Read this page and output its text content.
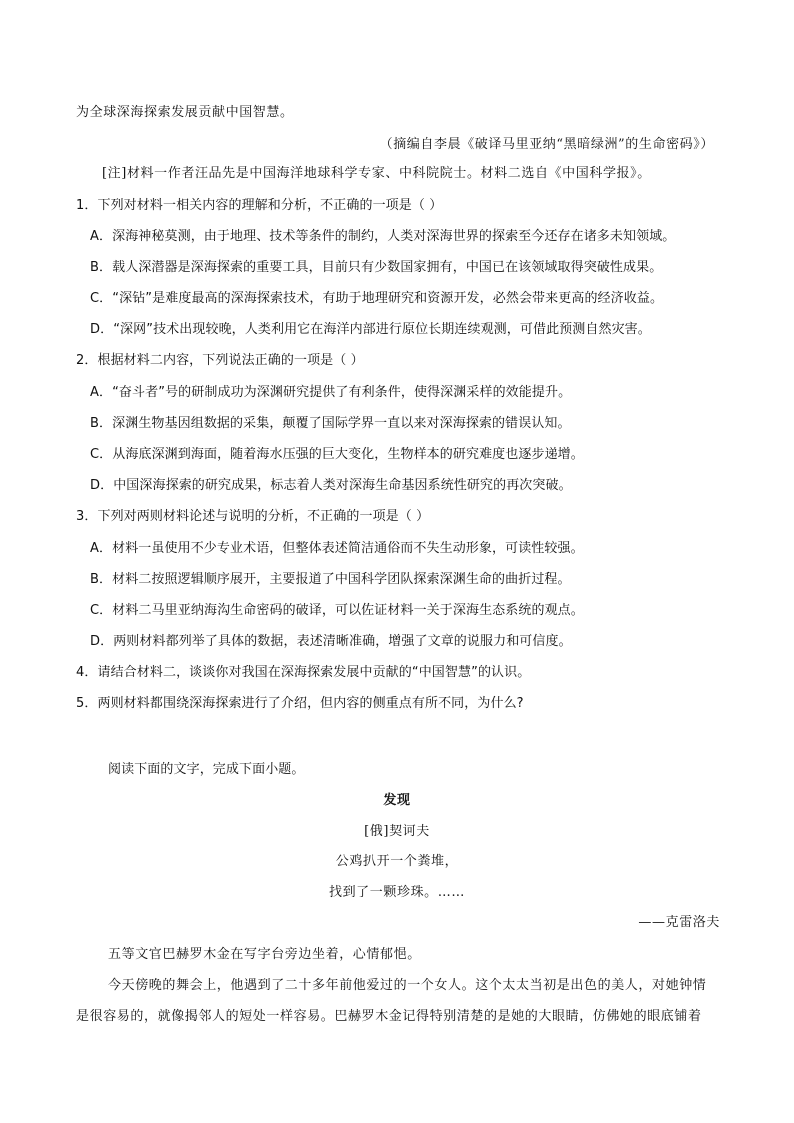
为全球深海探索发展贡献中国智慧。
（摘编自李晨《破译马里亚纳“黑暗绿洲”的生命密码》）
[注]材料一作者汪品先是中国海洋地球科学专家、中科院院士。材料二选自《中国科学报》。
1．下列对材料一相关内容的理解和分析，不正确的一项是（ ）
A．深海神秘莫测，由于地理、技术等条件的制约，人类对深海世界的探索至今还存在诸多未知领域。
B．载人深潜器是深海探索的重要工具，目前只有少数国家拥有，中国已在该领域取得突破性成果。
C．“深钻”是难度最高的深海探索技术，有助于地理研究和资源开发，必然会带来更高的经济收益。
D．“深网”技术出现较晚，人类利用它在海洋内部进行原位长期连续观测，可借此预测自然灾害。
2．根据材料二内容，下列说法正确的一项是（ ）
A．“奋斗者”号的研制成功为深渊研究提供了有利条件，使得深渊采样的效能提升。
B．深渊生物基因组数据的采集，颠覆了国际学界一直以来对深海探索的错误认知。
C．从海底深渊到海面，随着海水压强的巨大变化，生物样本的研究难度也逐步递增。
D．中国深海探索的研究成果，标志着人类对深海生命基因系统性研究的再次突破。
3．下列对两则材料论述与说明的分析，不正确的一项是（ ）
A．材料一虽使用不少专业术语，但整体表述简洁通俗而不失生动形象，可读性较强。
B．材料二按照逻辑顺序展开，主要报道了中国科学团队探索深渊生命的曲折过程。
C．材料二马里亚纳海沟生命密码的破译，可以佐证材料一关于深海生态系统的观点。
D．两则材料都列举了具体的数据，表述清晰准确，增强了文章的说服力和可信度。
4．请结合材料二，谈谈你对我国在深海探索发展中贡献的“中国智慧”的认识。
5．两则材料都围绕深海探索进行了介绍，但内容的侧重点有所不同，为什么?
阅读下面的文字，完成下面小题。
发现
[俄]契诃夫
公鸡扒开一个粪堆，
找到了一颗珍珠。……
——克雷洛夫
五等文官巴赫罗木金在写字台旁边坐着，心情郁悒。
今天傍晚的舞会上，他遇到了二十多年前他爱过的一个女人。这个太太当初是出色的美人，对她钟情
是很容易的，就像揭邻人的短处一样容易。巴赫罗木金记得特别清楚的是她的大眼睛，仿佛她的眼底铺着
